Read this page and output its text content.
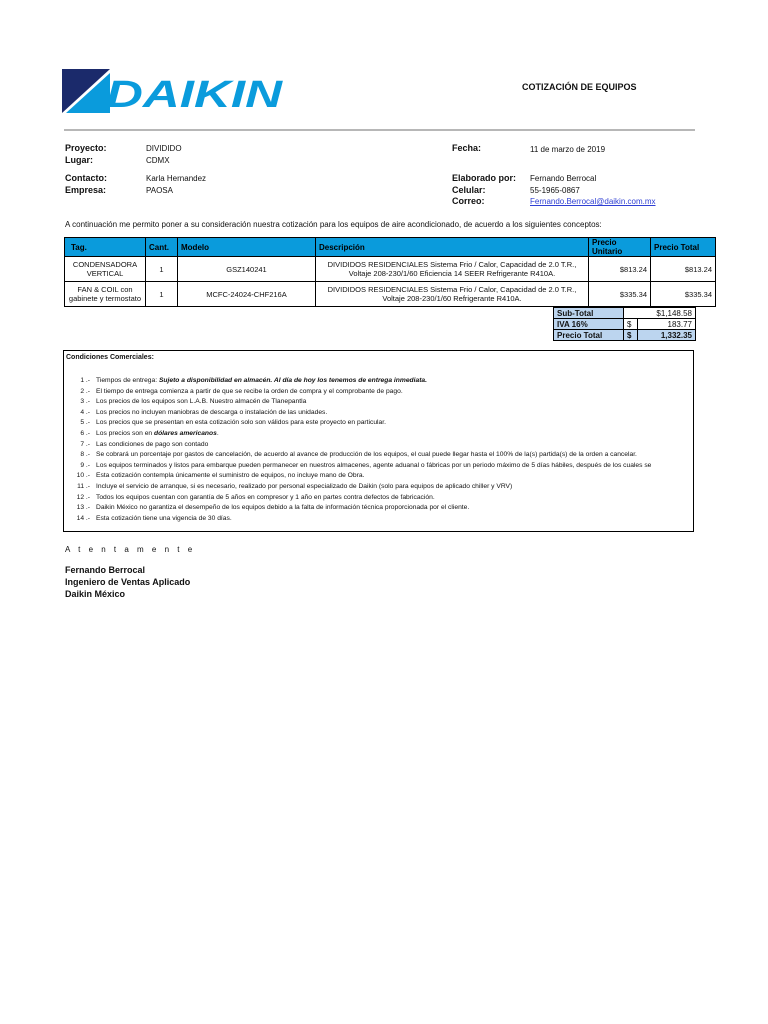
DAIKIN	COTIZACIÓN DE EQUIPOS
Proyecto:	DIVIDIDO
Lugar:	CDMX
Contacto:	Karla Hernandez
Empresa:	PAOSA
Fecha:	11 de marzo de 2019
Elaborado por: Fernando Berrocal
Celular:	55-1965-0867
Correo:	Fernando.Berrocal@daikin.com.mx
A continuación me permito poner a su consideración nuestra cotización para los equipos de aire acondicionado, de acuerdo a los siguientes conceptos:
Tag.	Cant.	Modelo	Descripción	Precio Unitario	Precio Total
CONDENSADORA VERTICAL	1	GSZ140241	DIVIDIDOS RESIDENCIALES Sistema Frio / Calor, Capacidad de 2.0 T.R.,
Voltaje 208-230/1/60 Eficiencia 14 SEER Refrigerante R410A.	$813.24	$813.24
FAN & COIL con gabinete y termostato	1	MCFC-24024-CHF216A	DIVIDIDOS RESIDENCIALES Sistema Frio / Calor, Capacidad de 2.0 T.R.,
Voltaje 208-230/1/60 Refrigerante R410A.	$335.34	$335.34
Sub-Total	$1,148.58	
IVA 16%	$	183.77
Precio Total	$	1,332.35
Condiciones Comerciales:
1 .- Tiempos de entrega: Sujeto a disponibilidad en almacén. Al día de hoy los tenemos de entrega inmediata.
2 .- El tiempo de entrega comienza a partir de que se recibe la orden de compra y el comprobante de pago.
3 .- Los precios de los equipos son L.A.B. Nuestro almacén de Tlanepantla
4 .- Los precios no incluyen maniobras de descarga o instalación de las unidades.
5 .- Los precios que se presentan en esta cotización solo son válidos para este proyecto en particular.
6 .- Los precios son en dólares americanos.
7 .- Las condiciones de pago son contado
8 .- Se cobrará un porcentaje por gastos de cancelación, de acuerdo al avance de producción de los equipos, el cual puede llegar hasta el 100% de la(s) partida(s) de la orden a cancelar.
9 .- Los equipos terminados y listos para embarque pueden permanecer en nuestros almacenes, agente aduanal o fábricas por un periodo máximo de 5 días hábiles, después de los cuales se
10 .- Esta cotización contempla únicamente el suministro de equipos, no incluye mano de Obra.
11 .- Incluye el servicio de arranque, si es necesario, realizado por personal especializado de Daikin (solo para equipos de aplicado chiller y VRV)
12 .- Todos los equipos cuentan con garantía de 5 años en compresor y 1 año en partes contra defectos de fabricación.
13 .- Daikin México no garantiza el desempeño de los equipos debido a la falta de información técnica proporcionada por el cliente.
14 .- Esta cotización tiene una vigencia de 30 días.
A t e n t a m e n t e
Fernando Berrocal
Ingeniero de Ventas Aplicado
Daikin México
